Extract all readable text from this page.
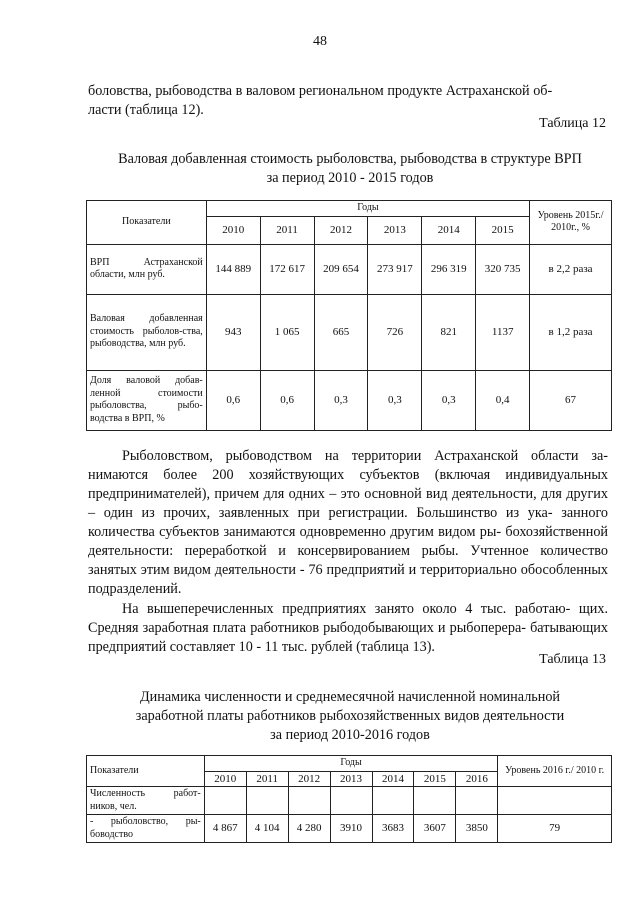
48

боловства, рыбоводства в валовом региональном продукте Астраханской об-
ласти (таблица 12).

Таблица 12

Валовая добавленная стоимость рыболовства, рыбоводства в структуре ВРП
за период 2010 - 2015 годов

Показатели	Годы						Уровень 2015г./ 2010г., %
	2010	2011	2012	2013	2014	2015	
ВРП Астраханской области, млн руб.	144 889	172 617	209 654	273 917	296 319	320 735	в 2,2 раза
Валовая добавленная стоимость рыболов-ства, рыбоводства, млн руб.	943	1 065	665	726	821	1137	в 1,2 раза
Доля валовой добав-ленной стоимости рыболовства, рыбо-водства в ВРП, %	0,6	0,6	0,3	0,3	0,3	0,4	67

Рыболовством, рыбоводством на территории Астраханской области за- нимаются более 200 хозяйствующих субъектов (включая индивидуальных предпринимателей), причем для одних – это основной вид деятельности, для других – один из прочих, заявленных при регистрации. Большинство из ука- занного количества субъектов занимаются одновременно другим видом ры- бохозяйственной деятельности: переработкой и консервированием рыбы. Учтенное количество занятых этим видом деятельности - 76 предприятий и территориально обособленных подразделений.

На вышеперечисленных предприятиях занято около 4 тыс. работаю- щих. Средняя заработная плата работников рыбодобывающих и рыбоперера- батывающих предприятий составляет 10 - 11 тыс. рублей (таблица 13).

Таблица 13

Динамика численности и среднемесячной начисленной номинальной
заработной платы работников рыбохозяйственных видов деятельности
за период 2010-2016 годов

Показатели	Годы							Уровень 2016 г./ 2010 г.
	2010	2011	2012	2013	2014	2015	2016	
Численность работ-ников, чел.								
- рыболовство, ры-боводство	4 867	4 104	4 280	3910	3683	3607	3850	79
